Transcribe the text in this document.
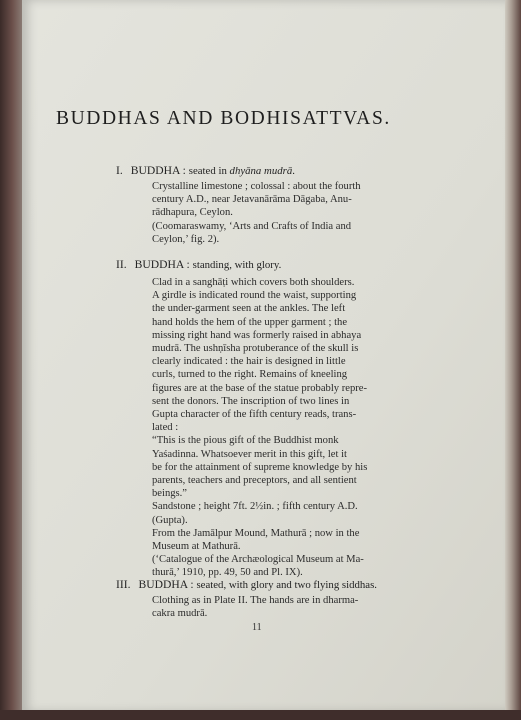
BUDDHAS AND BODHISATTVAS.
I. BUDDHA : seated in dhyāna mudrā.
Crystalline limestone ; colossal : about the fourth
century A.D., near Jetavanārāma Dāgaba, Anu-
rādhapura, Ceylon.
(Coomaraswamy, ‘Arts and Crafts of India and
Ceylon,’ fig. 2).
II. BUDDHA : standing, with glory.
Clad in a sanghāṭi which covers both shoulders.
A girdle is indicated round the waist, supporting
the under-garment seen at the ankles. The left
hand holds the hem of the upper garment ; the
missing right hand was formerly raised in abhaya
mudrā. The ushṇīsha protuberance of the skull is
clearly indicated : the hair is designed in little
curls, turned to the right. Remains of kneeling
figures are at the base of the statue probably repre-
sent the donors. The inscription of two lines in
Gupta character of the fifth century reads, trans-
lated :
“This is the pious gift of the Buddhist monk
Yaśadinna. Whatsoever merit in this gift, let it
be for the attainment of supreme knowledge by his
parents, teachers and preceptors, and all sentient
beings.”
Sandstone ; height 7ft. 2½in. ; fifth century A.D.
(Gupta).
From the Jamālpur Mound, Mathurā ; now in the
Museum at Mathurā.
(‘Catalogue of the Archæological Museum at Ma-
thurā,’ 1910, pp. 49, 50 and Pl. IX).
III. BUDDHA : seated, with glory and two flying siddhas.
Clothing as in Plate II. The hands are in dharma-
cakra mudrā.
11
